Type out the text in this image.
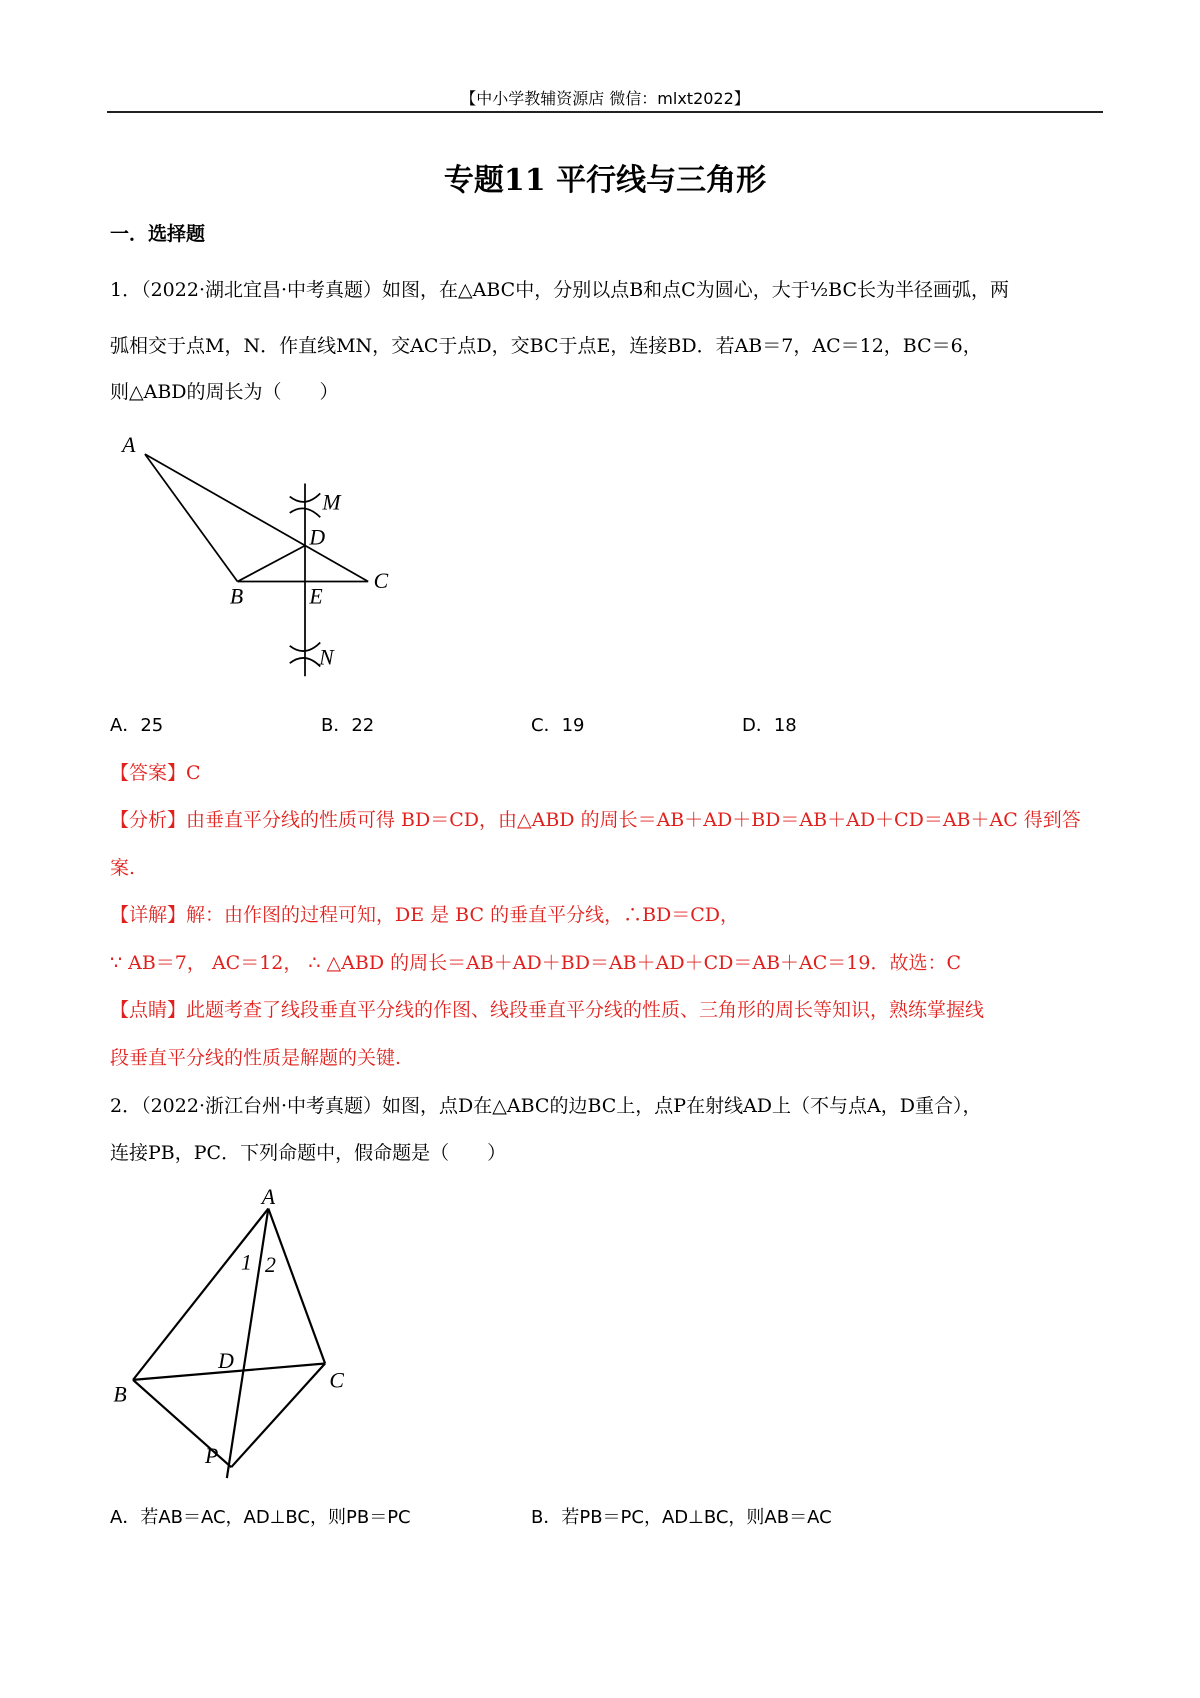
【中小学教辅资源店 微信：mlxt2022】
专题11 平行线与三角形
一．选择题
1．（2022·湖北宜昌·中考真题）如图，在△ABC中，分别以点B和点C为圆心，大于½BC长为半径画弧，两
弧相交于点M，N．作直线MN，交AC于点D，交BC于点E，连接BD．若AB＝7，AC＝12，BC＝6，
则△ABD的周长为（　　）
A
M
D
C
B	E
N
A．25	B．22	C．19	D．18
【答案】C
【分析】由垂直平分线的性质可得 BD＝CD，由△ABD 的周长＝AB＋AD＋BD＝AB＋AD＋CD＝AB＋AC 得到答
案.
【详解】解：由作图的过程可知，DE 是 BC 的垂直平分线，∴BD＝CD，
∵ AB＝7， AC＝12， ∴ △ABD 的周长＝AB＋AD＋BD＝AB＋AD＋CD＝AB＋AC＝19．故选：C
【点睛】此题考查了线段垂直平分线的作图、线段垂直平分线的性质、三角形的周长等知识，熟练掌握线
段垂直平分线的性质是解题的关键.
2．（2022·浙江台州·中考真题）如图，点D在△ABC的边BC上，点P在射线AD上（不与点A，D重合），
连接PB，PC．下列命题中，假命题是（　　）
A
1 2
D
B
C
P
A．若AB＝AC，AD⊥BC，则PB＝PC	B．若PB＝PC，AD⊥BC，则AB＝AC
